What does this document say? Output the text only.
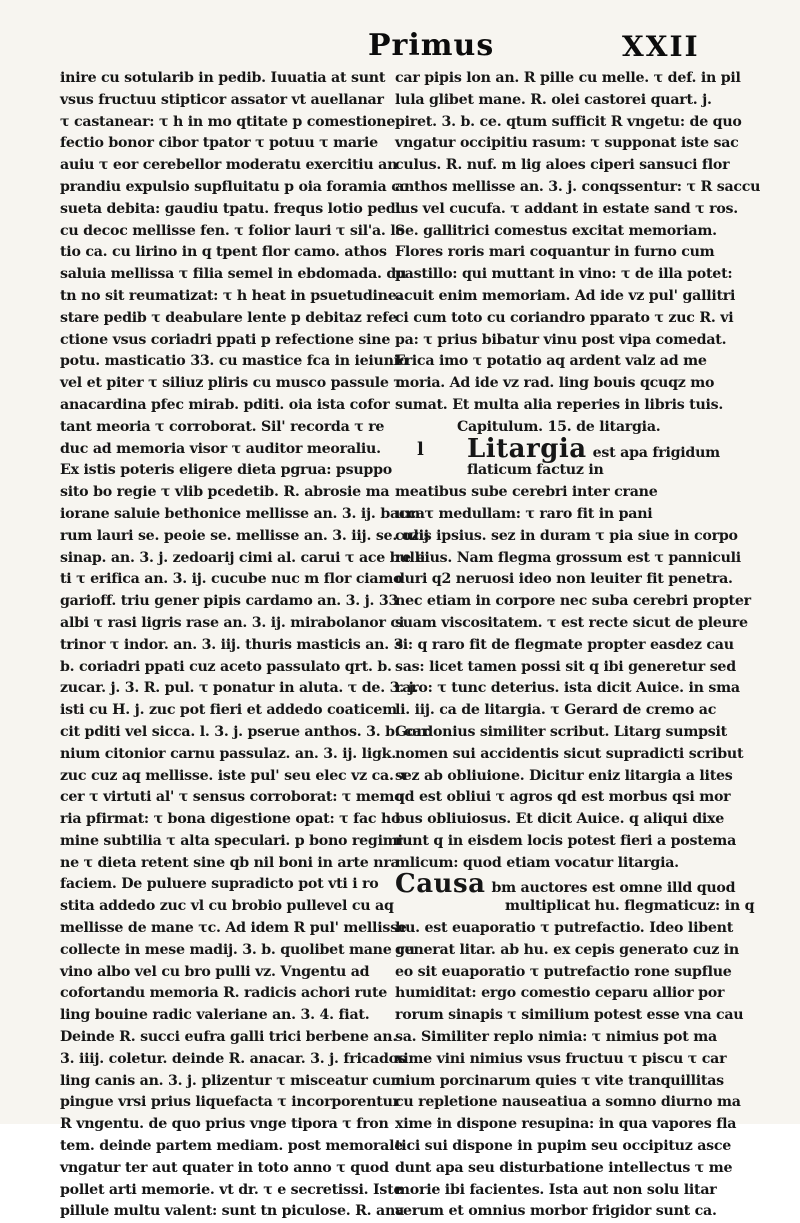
Primus	XXII
inire cu sotularib in pedib. Iuuatia at sunt
vsus fructuu stipticor assator vt auellanar
τ castanear: τ h in mo qtitate p comestione
fectio bonor cibor tpator τ potuu τ marie
auiu τ eor cerebellor moderatu exercitiu an
prandiu expulsio supfluitatu p oia foramia co
sueta debita: gaudiu tpatu. frequs lotio pedu
cu decoc mellisse fen. τ folior lauri τ sil'a. lo
tio ca. cu lirino in q tpent flor camo. athos
saluia mellissa τ filia semel in ebdomada. du
tn no sit reumatizat: τ h heat in psuetudine.
stare pedib τ deabulare lente p debitaz refe
ctione vsus coriadri ppati p refectione sine
potu. masticatio 33. cu mastice fca in ieiunio
vel et piter τ siliuz pliris cu musco passule τ
anacardina pfec mirab. pditi. oia ista cofor
tant meoria τ corroborat. Sil' recorda τ re
duc ad memoria visor τ auditor meoraliu.
Ex istis poteris eligere dieta pgrua: psuppo
sito bo regie τ vlib pcedetib. R. abrosie ma
iorane saluie bethonice mellisse an. 3. ij. bacca
rum lauri se. peoie se. mellisse an. 3. iij. se. ozij
sinap. an. 3. j. zedoarij cimi al. carui τ ace bulli
ti τ erifica an. 3. ij. cucube nuc m flor ciamo
garioff. triu gener pipis cardamo an. 3. j. 33
albi τ rasi ligris rase an. 3. ij. mirabolanor ci
trinor τ indor. an. 3. iij. thuris masticis an. 3.
b. coriadri ppati cuz aceto passulato qrt. b.
zucar. j. 3. R. pul. τ ponatur in aluta. τ de. 3. j.
isti cu H. j. zuc pot fieri et addedo coaticem
cit pditi vel sicca. l. 3. j. pserue anthos. 3. b. car
nium citonior carnu passulaz. an. 3. ij. ligk.
zuc cuz aq mellisse. iste pul' seu elec vz ca. τ
cer τ virtuti al' τ sensus corroborat: τ memo
ria pfirmat: τ bona digestione opat: τ fac ho
mine subtilia τ alta speculari. p bono regimi
ne τ dieta retent sine qb nil boni in arte nra
faciem. De puluere supradicto pot vti i ro
stita addedo zuc vl cu brobio pullevel cu aq
mellisse de mane τc. Ad idem R pul' mellisse
collecte in mese madij. 3. b. quolibet mane cu
vino albo vel cu bro pulli vz. Vngentu ad
cofortandu memoria R. radicis achori rute
ling bouine radic valeriane an. 3. 4. fiat.
Deinde R. succi eufra galli trici berbene an.
3. iiij. coletur. deinde R. anacar. 3. j. fricados
ling canis an. 3. j. plizentur τ misceatur cum
pingue vrsi prius liquefacta τ incorporentur
R vngentu. de quo prius vnge tipora τ fron
tem. deinde partem mediam. post memorale
vngatur ter aut quater in toto anno τ quod
pollet arti memorie. vt dr. τ e secretissi. Iste
pillule multu valent: sunt tn piculose. R. ana
car pipis lon an. R pille cu melle. τ def. in pil
lula glibet mane. R. olei castorei quart. j.
piret. 3. b. ce. qtum sufficit R vngetu: de quo
vngatur occipitiu rasum: τ supponat iste sac
culus. R. nuf. m lig aloes ciperi sansuci flor
anthos mellisse an. 3. j. conqssentur: τ R saccu
lus vel cucufa. τ addant in estate sand τ ros.
Se. gallitrici comestus excitat memoriam.
Flores roris mari coquantur in furno cum
pastillo: qui muttant in vino: τ de illa potet:
acuit enim memoriam. Ad ide vz pul' gallitri
ci cum toto cu coriandro pparato τ zuc R. vi
pa: τ prius bibatur vinu post vipa comedat.
Frica imo τ potatio aq ardent valz ad me
moria. Ad ide vz rad. ling bouis qcuqz mo
sumat. Et multa alia reperies in libris tuis.
Capitulum. 15. de litargia.
l Litargia est apa frigidum
flaticum factuz in
meatibus sube cerebri inter crane
um τ medullam: τ raro fit in pani
culis ipsius. sez in duram τ pia siue in corpo
re eius. Nam flegma grossum est τ panniculi
duri q2 neruosi ideo non leuiter fit penetra.
nec etiam in corpore nec suba cerebri propter
suam viscositatem. τ est recte sicut de pleure
si: q raro fit de flegmate propter easdez cau
sas: licet tamen possi sit q ibi generetur sed
raro: τ tunc deterius. ista dicit Auice. in sma
li. iij. ca de litargia. τ Gerard de cremo ac
Gordonius similiter scribut. Litarg sumpsit
nomen sui accidentis sicut supradicti scribut
sez ab obliuione. Dicitur eniz litargia a lites
qd est obliui τ agros qd est morbus qsi mor
bus obliuiosus. Et dicit Auice. q aliqui dixe
runt q in eisdem locis potest fieri a postema
mlicum: quod etiam vocatur litargia.
Causa bm auctores est omne illd quod
multiplicat hu. flegmaticuz: in q
hu. est euaporatio τ putrefactio. Ideo libent
generat litar. ab hu. ex cepis generato cuz in
eo sit euaporatio τ putrefactio rone supflue
humiditat: ergo comestio ceparu allior por
rorum sinapis τ similium potest esse vna cau
sa. Similiter replo nimia: τ nimius pot ma
xime vini nimius vsus fructuu τ piscu τ car
nium porcinarum quies τ vite tranquillitas
cu repletione nauseatiua a somno diurno ma
xime in dispone resupina: in qua vapores fla
tici sui dispone in pupim seu occipituz asce
dunt apa seu disturbatione intellectus τ me
morie ibi facientes. Ista aut non solu litar
verum et omnius morbor frigidor sunt ca.
